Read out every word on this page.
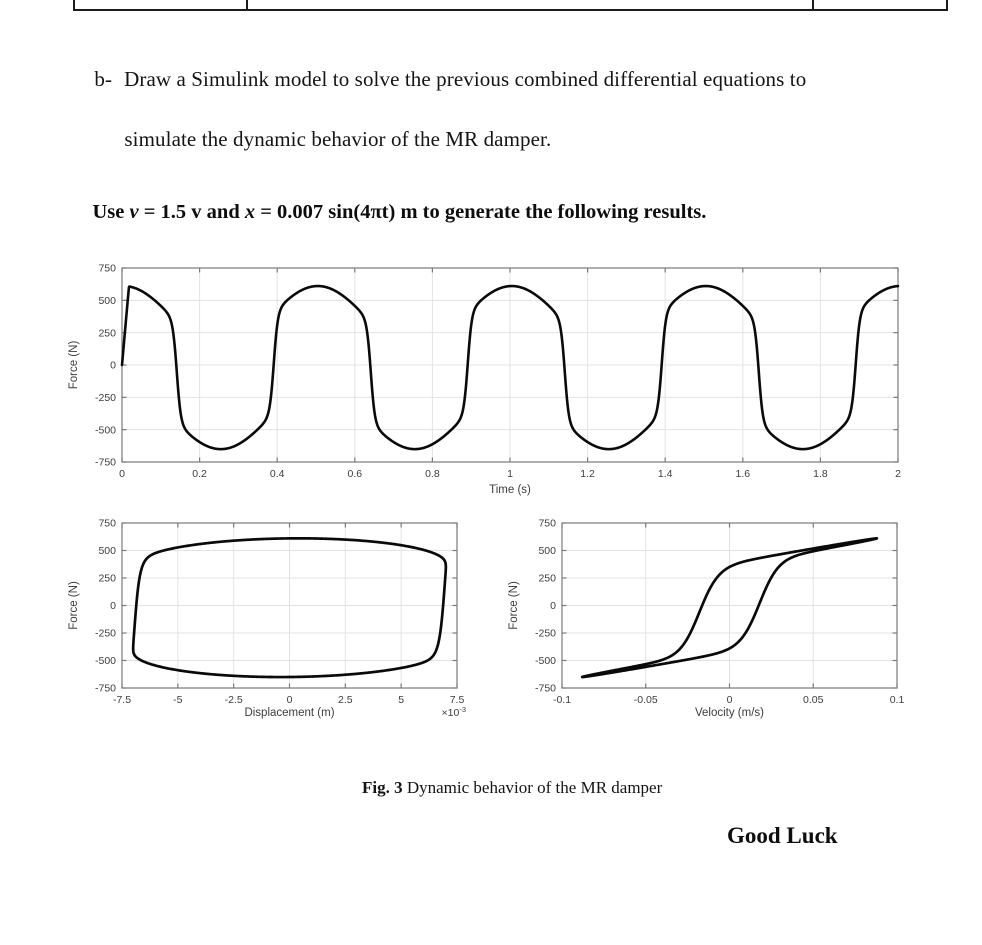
b- Draw a Simulink model to solve the previous combined differential equations to

simulate the dynamic behavior of the MR damper.

Use v = 1.5 v and x = 0.007 sin(4πt) m to generate the following results.

0	0.2	0.4	0.6	0.8	1	1.2	1.4	1.6	1.8	2
-750
-500
-250
0
250
500
750
Time (s)
Force (N)
-7.5	-5	-2.5	0	2.5	5	7.5
-750
-500
-250
0
250
500
750
Displacement (m)
Force (N)
$\times 10^{-3}$
-0.1	-0.05	0	0.05	0.1
-750
-500
-250
0
250
500
750
Velocity (m/s)
Force (N)

Fig. 3 Dynamic behavior of the MR damper

Good Luck
